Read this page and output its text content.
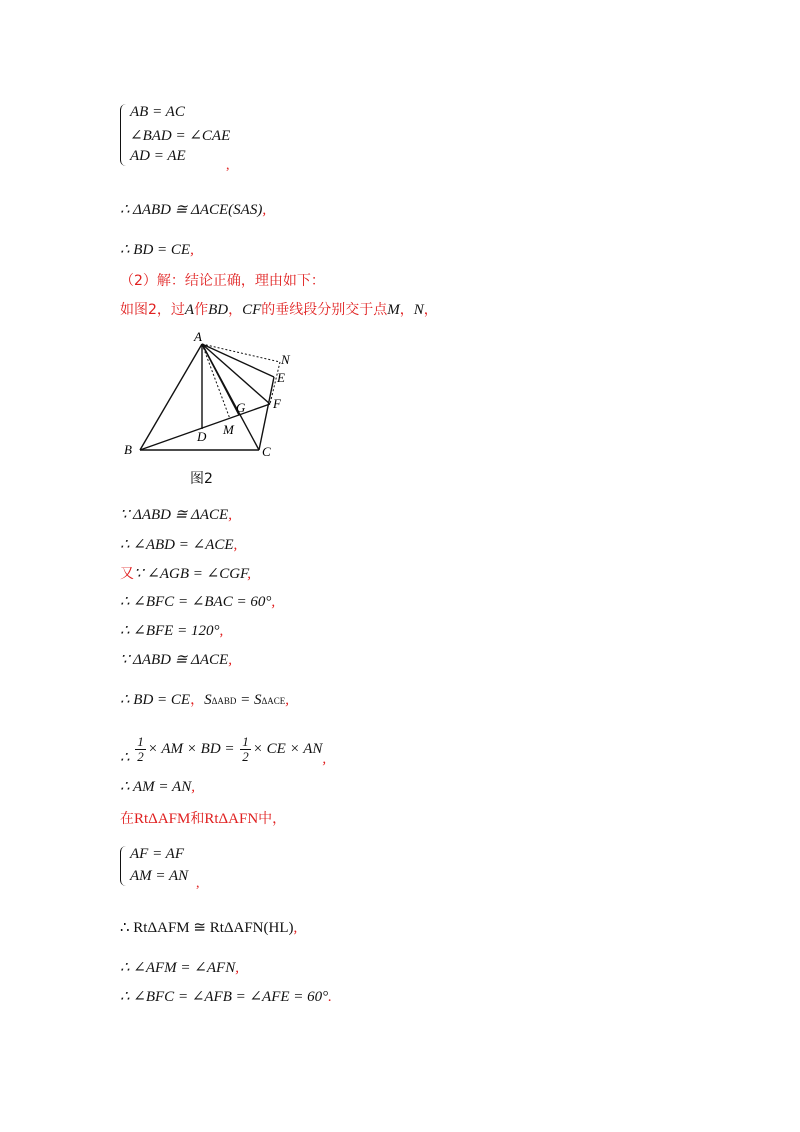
AB = AC
∠BAD = ∠CAE
AD = AE
,
∴ ΔABD ≅ ΔACE(SAS),
∴ BD = CE,
（2）解：结论正确，理由如下：
如图2，过A作BD，CF的垂线段分别交于点M，N，
A
N
E
F
G
M
D
B	C
图2
∵ ΔABD ≅ ΔACE,
∴ ∠ABD = ∠ACE,
又∵ ∠AGB = ∠CGF,
∴ ∠BFC = ∠BAC = 60°,
∴ ∠BFE = 120°,
∵ ΔABD ≅ ΔACE,
∴ BD = CE，SΔABD = SΔACE,
∴ $\frac{1}{2}$ × AM × BD = $\frac{1}{2}$ × CE × AN,
∴ AM = AN,
在RtΔAFM和RtΔAFN中，
AF = AF
AM = AN ,
∴ RtΔAFM ≅ RtΔAFN(HL),
∴ ∠AFM = ∠AFN,
∴ ∠BFC = ∠AFB = ∠AFE = 60°.
